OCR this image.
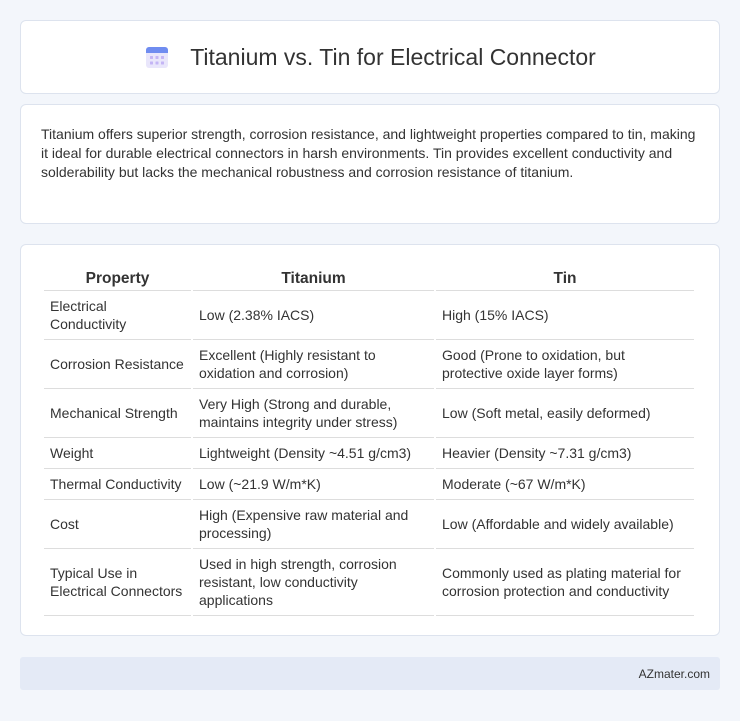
Titanium vs. Tin for Electrical Connector

Titanium offers superior strength, corrosion resistance, and lightweight properties compared to tin, making it ideal for durable electrical connectors in harsh environments. Tin provides excellent conductivity and solderability but lacks the mechanical robustness and corrosion resistance of titanium.

Property	Titanium	Tin
Electrical Conductivity	Low (2.38% IACS)	High (15% IACS)
Corrosion Resistance	Excellent (Highly resistant to oxidation and corrosion)	Good (Prone to oxidation, but protective oxide layer forms)
Mechanical Strength	Very High (Strong and durable, maintains integrity under stress)	Low (Soft metal, easily deformed)
Weight	Lightweight (Density ~4.51 g/cm3)	Heavier (Density ~7.31 g/cm3)
Thermal Conductivity	Low (~21.9 W/m*K)	Moderate (~67 W/m*K)
Cost	High (Expensive raw material and processing)	Low (Affordable and widely available)
Typical Use in Electrical Connectors	Used in high strength, corrosion resistant, low conductivity applications	Commonly used as plating material for corrosion protection and conductivity
AZmater.com
